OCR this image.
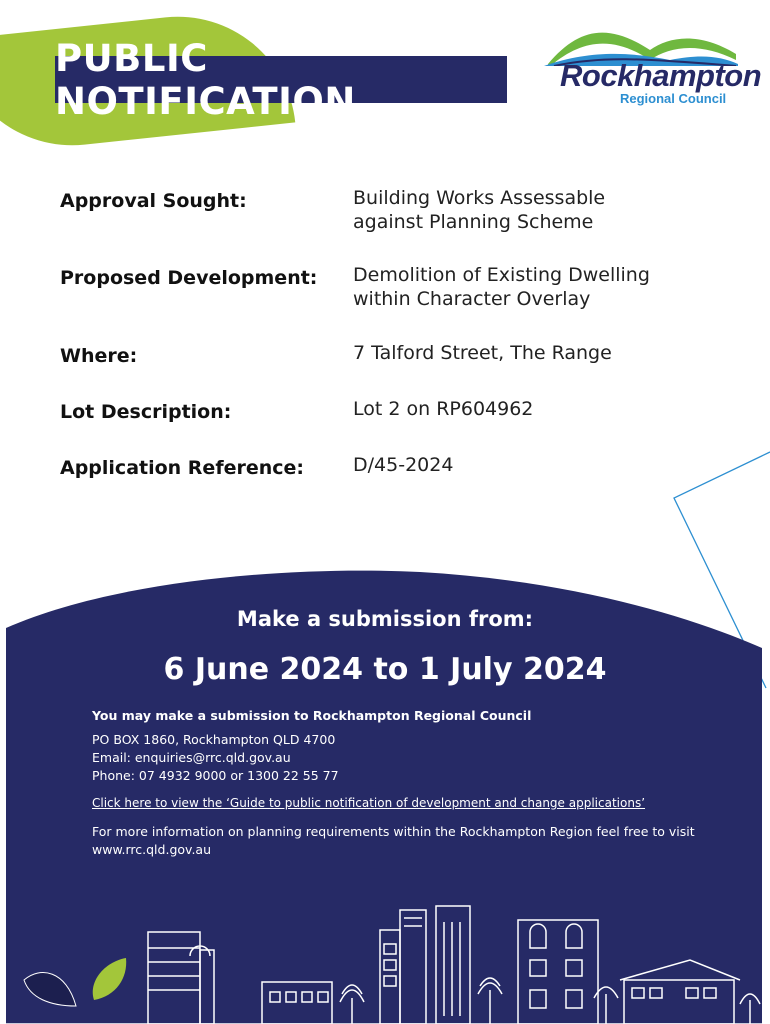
PUBLIC NOTIFICATION
Rockhampton
Regional Council
Approval Sought:	Building Works Assessable
against Planning Scheme
Proposed Development: Demolition of Existing Dwelling
within Character Overlay
Where:	7 Talford Street, The Range
Lot Description:	Lot 2 on RP604962
Application Reference:	D/45-2024
Make a submission from:
6 June 2024 to 1 July 2024
You may make a submission to Rockhampton Regional Council
PO BOX 1860, Rockhampton QLD 4700
Email: enquiries@rrc.qld.gov.au
Phone: 07 4932 9000 or 1300 22 55 77
Click here to view the ‘Guide to public notification of development and change applications’
For more information on planning requirements within the Rockhampton Region feel free to visit
www.rrc.qld.gov.au
